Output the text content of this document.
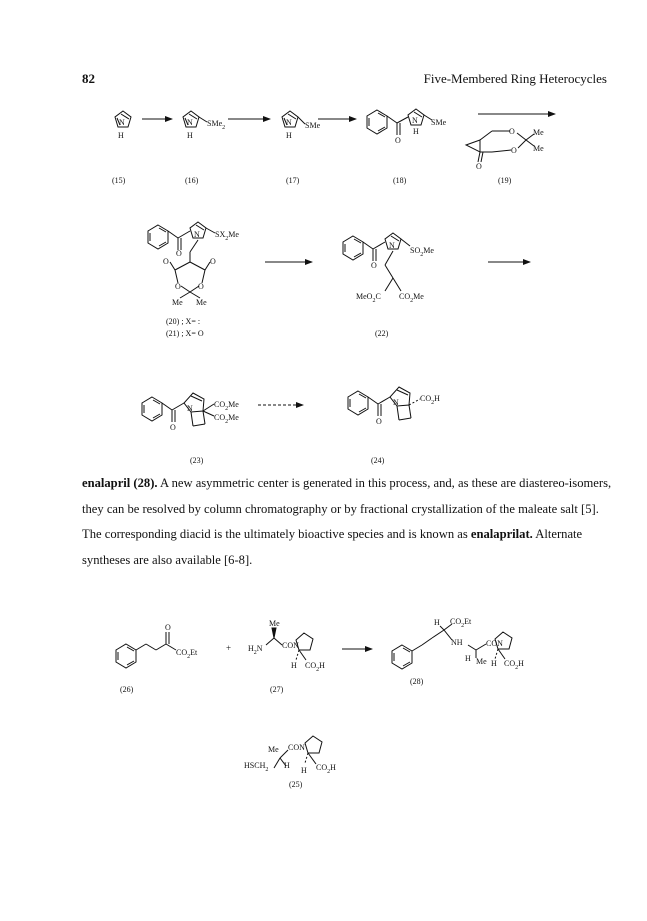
82	Five-Membered Ring Heterocycles
N
H
N
H
SMe$_2$
N
H
SMe
O
N
H
SMe
O
O
O
Me
Me
(15)	(16)	(17)	(18)	(19)
O
N $SX_2Me$
O	O
O O
Me Me
(20) ; X= :
(21) ; X= O
O
N
$SO_2Me$
MeO$_2$C $CO_2Me$
(22)
O
N	$CO_2Me$
$CO_2Me$	O
N	$CO_2H$
(23)	(24)
O
$CO_2Et$
(26)
+
Me
$H_2N$ CON
H $CO_2H$
(27)
H $CO_2Et$
NH	CON
H Me H $CO_2H$
(28)
Me CON
$HSCH_2$ H
H $CO_2H$
(25)
enalapril (28). A new asymmetric center is generated in this process, and, as these are diastereo-isomers, they can be resolved by column chromatography or by fractional crystallization of the maleate salt [5]. The corresponding diacid is the ultimately bioactive species and is known as enalaprilat. Alternate syntheses are also available [6-8].
